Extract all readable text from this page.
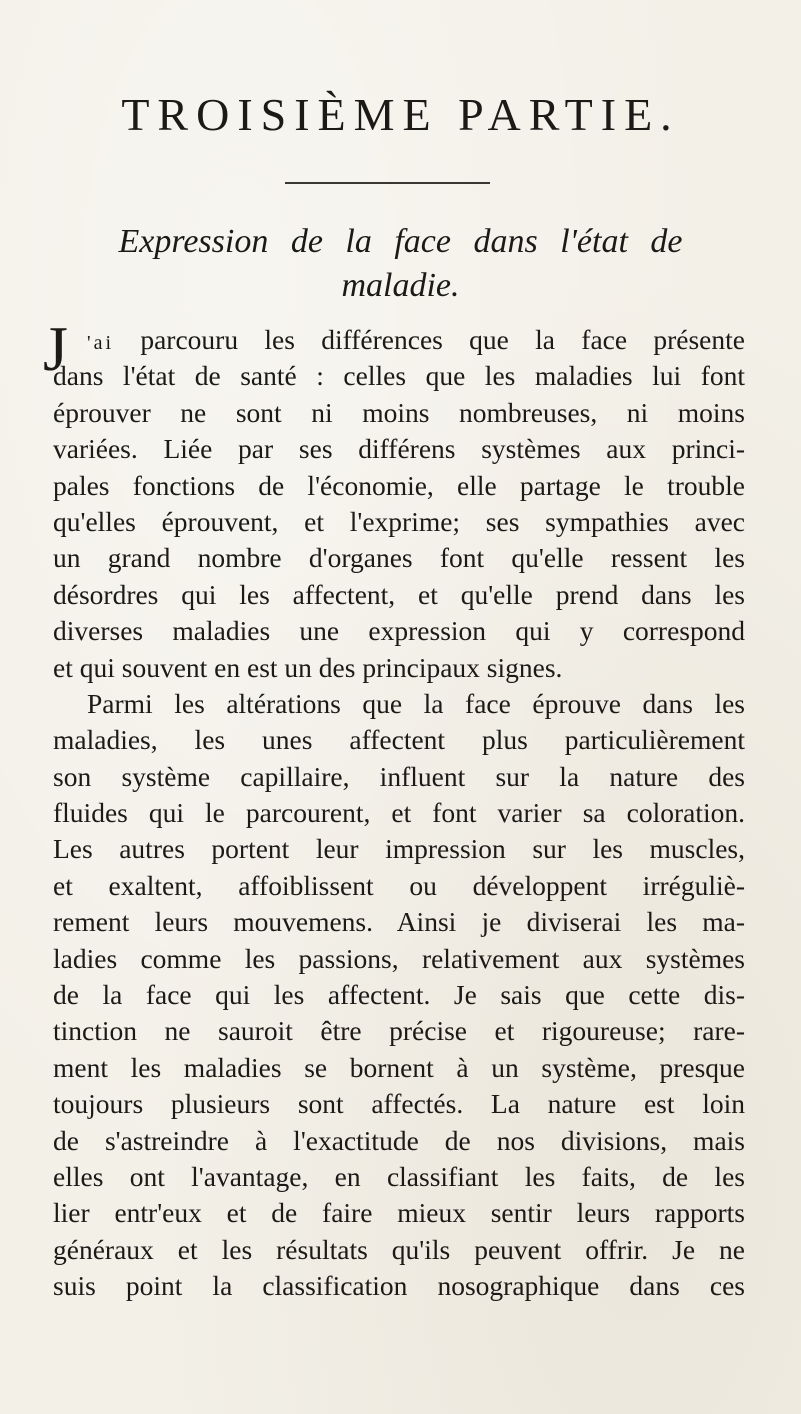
TROISIÈME PARTIE.
Expression de la face dans l'état de
maladie.
J 'ai parcouru les différences que la face présente
dans l'état de santé : celles que les maladies lui font
éprouver ne sont ni moins nombreuses, ni moins
variées. Liée par ses différens systèmes aux princi-
pales fonctions de l'économie, elle partage le trouble
qu'elles éprouvent, et l'exprime; ses sympathies avec
un grand nombre d'organes font qu'elle ressent les
désordres qui les affectent, et qu'elle prend dans les
diverses maladies une expression qui y correspond
et qui souvent en est un des principaux signes.
Parmi les altérations que la face éprouve dans les
maladies, les unes affectent plus particulièrement
son système capillaire, influent sur la nature des
fluides qui le parcourent, et font varier sa coloration.
Les autres portent leur impression sur les muscles,
et exaltent, affoiblissent ou développent irréguliè-
rement leurs mouvemens. Ainsi je diviserai les ma-
ladies comme les passions, relativement aux systèmes
de la face qui les affectent. Je sais que cette dis-
tinction ne sauroit être précise et rigoureuse; rare-
ment les maladies se bornent à un système, presque
toujours plusieurs sont affectés. La nature est loin
de s'astreindre à l'exactitude de nos divisions, mais
elles ont l'avantage, en classifiant les faits, de les
lier entr'eux et de faire mieux sentir leurs rapports
généraux et les résultats qu'ils peuvent offrir. Je ne
suis point la classification nosographique dans ces
